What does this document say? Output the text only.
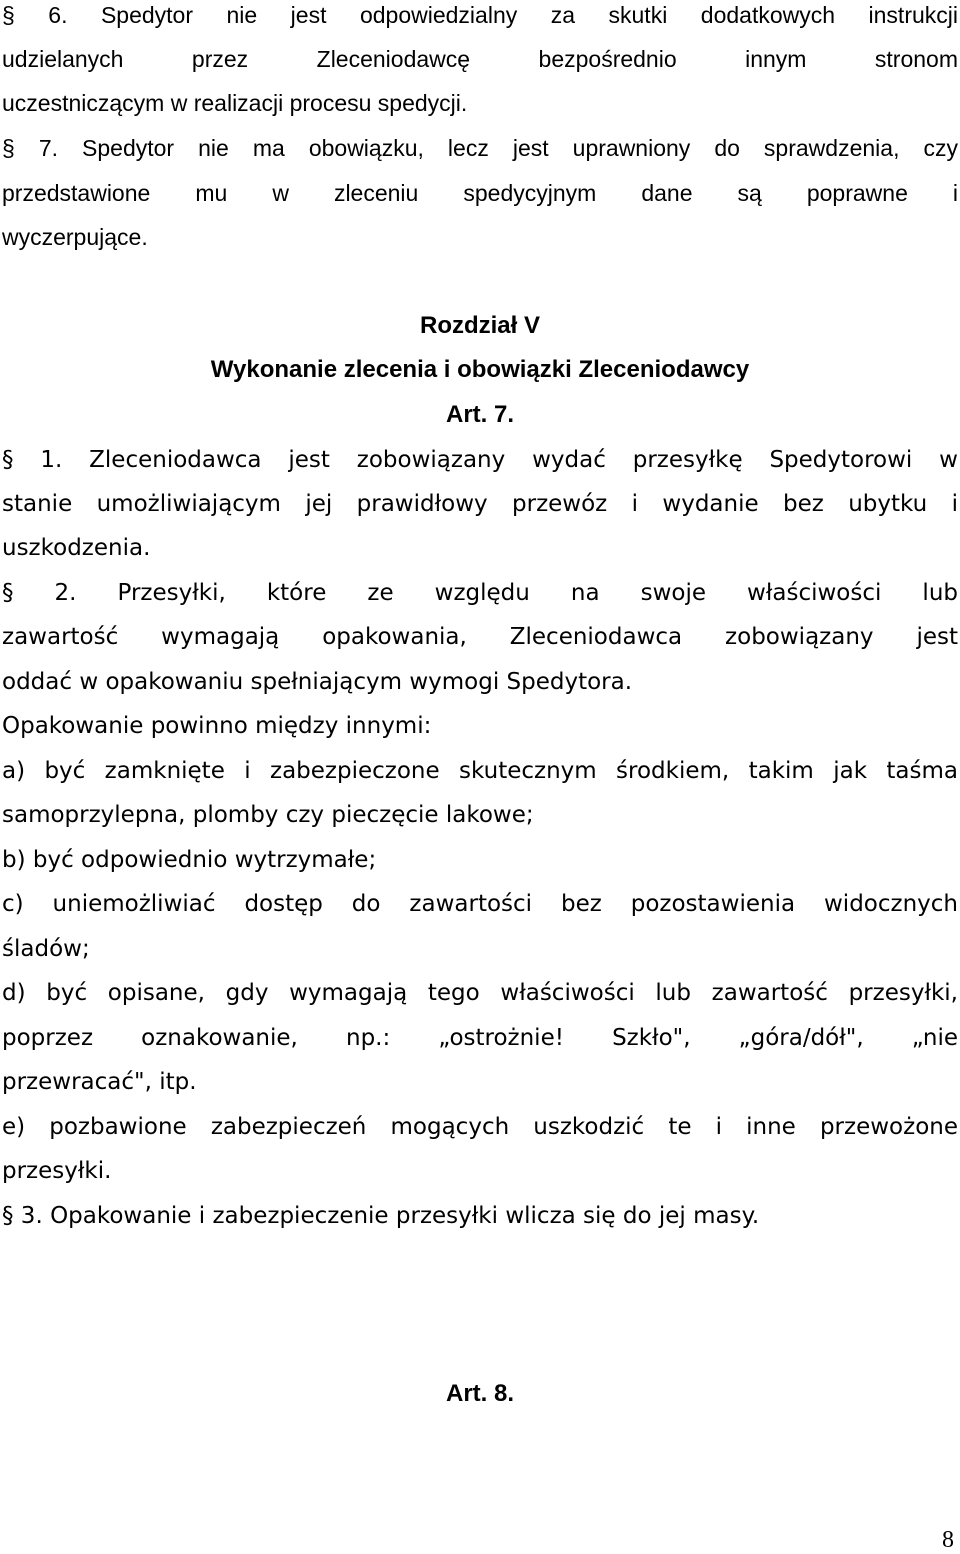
§ 6. Spedytor nie jest odpowiedzialny za skutki dodatkowych instrukcji
udzielanych przez Zleceniodawcę bezpośrednio innym stronom
uczestniczącym w realizacji procesu spedycji.
§ 7. Spedytor nie ma obowiązku, lecz jest uprawniony do sprawdzenia, czy
przedstawione mu w zleceniu spedycyjnym dane są poprawne i
wyczerpujące.
Rozdział V
Wykonanie zlecenia i obowiązki Zleceniodawcy
Art. 7.
§ 1. Zleceniodawca jest zobowiązany wydać przesyłkę Spedytorowi w
stanie umożliwiającym jej prawidłowy przewóz i wydanie bez ubytku i
uszkodzenia.
§ 2. Przesyłki, które ze względu na swoje właściwości lub
zawartość wymagają opakowania, Zleceniodawca zobowiązany jest
oddać w opakowaniu spełniającym wymogi Spedytora.
Opakowanie powinno między innymi:
a) być zamknięte i zabezpieczone skutecznym środkiem, takim jak taśma
samoprzylepna, plomby czy pieczęcie lakowe;
b) być odpowiednio wytrzymałe;
c) uniemożliwiać dostęp do zawartości bez pozostawienia widocznych
śladów;
d) być opisane, gdy wymagają tego właściwości lub zawartość przesyłki,
poprzez oznakowanie, np.: „ostrożnie! Szkło", „góra/dół", „nie
przewracać", itp.
e) pozbawione zabezpieczeń mogących uszkodzić te i inne przewożone
przesyłki.
§ 3. Opakowanie i zabezpieczenie przesyłki wlicza się do jej masy.
Art. 8.
8
